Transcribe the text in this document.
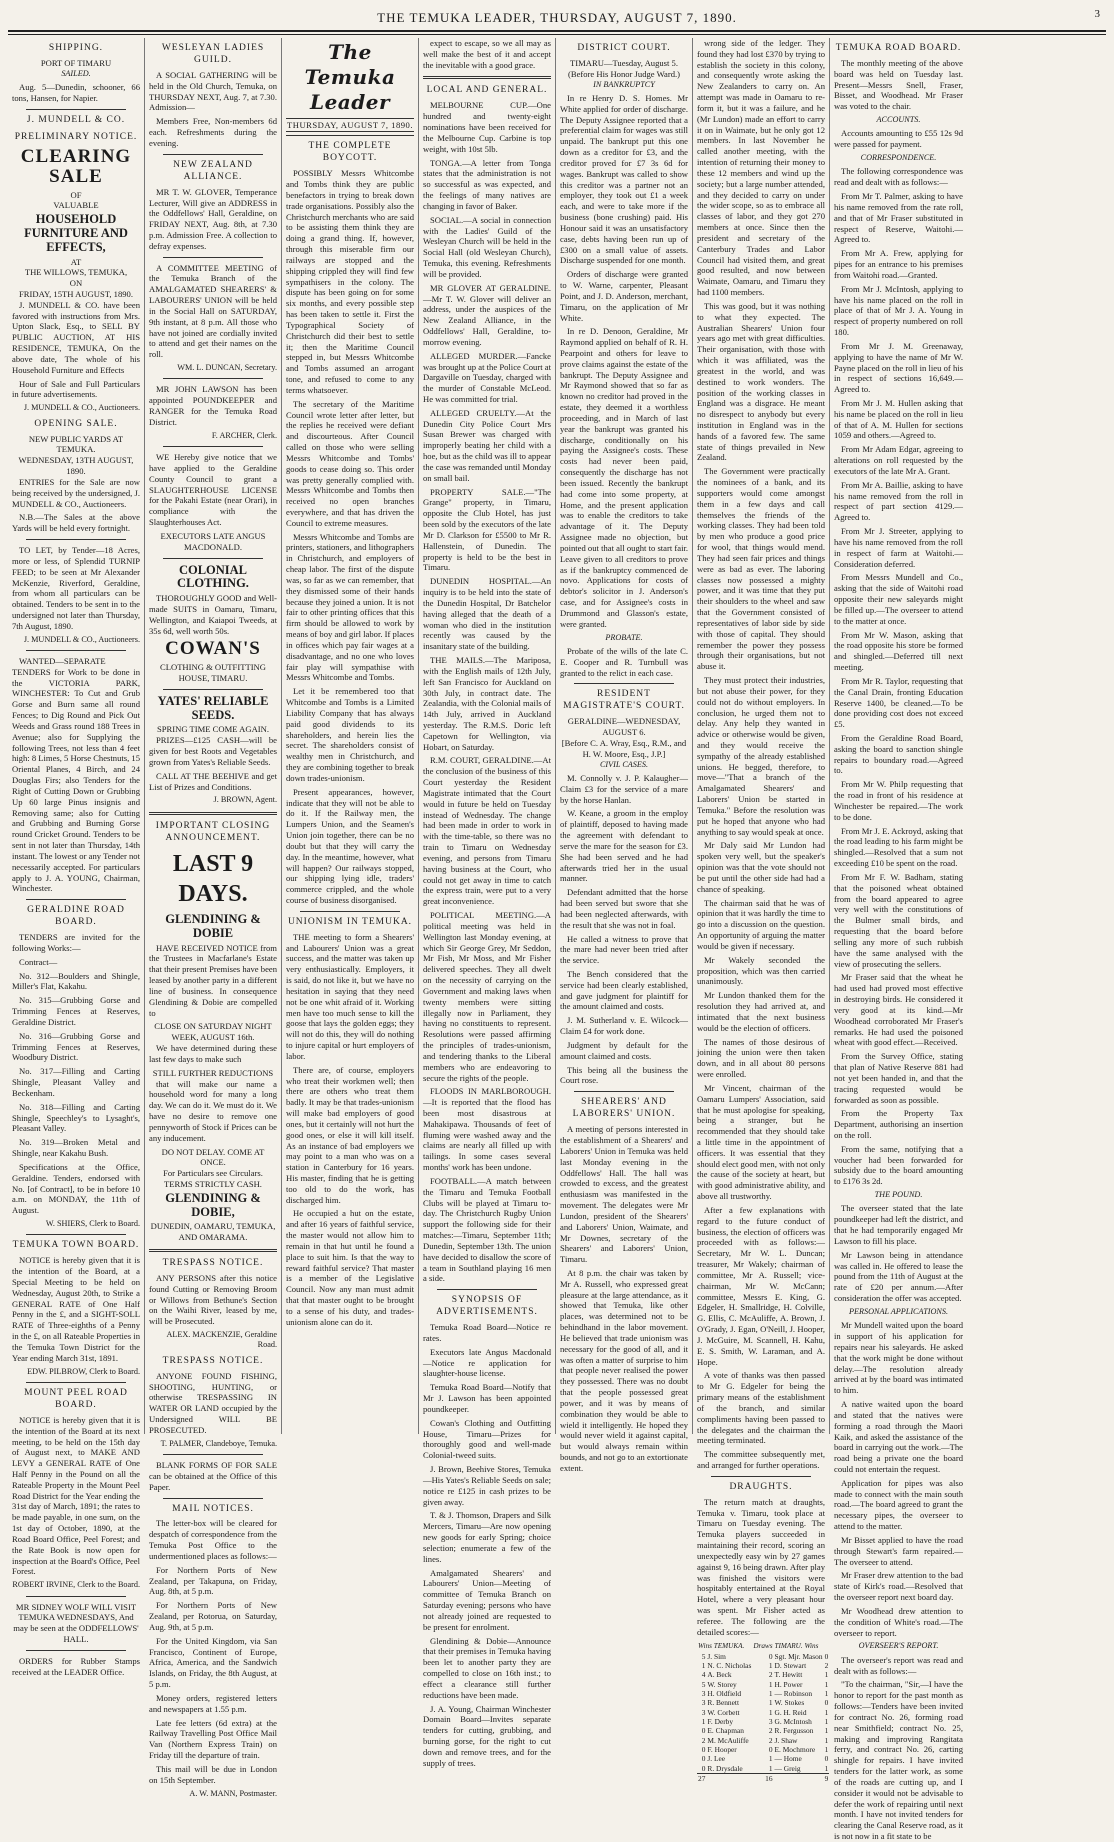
THE TEMUKA LEADER, THURSDAY, AUGUST 7, 1890.	3
SHIPPING.
PORT OF TIMARU
SAILED.

Aug. 5—Dunedin, schooner, 66 tons, Hansen, for Napier.

J. MUNDELL & CO.
PRELIMINARY NOTICE.
CLEARING SALE
OF
VALUABLE
HOUSEHOLD FURNITURE AND EFFECTS,
AT
THE WILLOWS, TEMUKA,
ON
FRIDAY, 15TH AUGUST, 1890.

J. MUNDELL & CO. have been favored with instructions from Mrs. Upton Slack, Esq., to SELL BY PUBLIC AUCTION, AT HIS RESIDENCE, TEMUKA, On the above date, The whole of his Household Furniture and Effects

Hour of Sale and Full Particulars in future advertisements.

J. MUNDELL & CO., Auctioneers.
OPENING SALE.
NEW PUBLIC YARDS AT TEMUKA.
WEDNESDAY, 13TH AUGUST, 1890.

ENTRIES for the Sale are now being received by the undersigned, J. MUNDELL & CO., Auctioneers.

N.B.—The Sales at the above Yards will be held every fortnight.

TO LET, by Tender—18 Acres, more or less, of Splendid TURNIP FEED; to be seen at Mr Alexander McKenzie, Riverford, Geraldine, from whom all particulars can be obtained. Tenders to be sent in to the undersigned not later than Thursday, 7th August, 1890.

J. MUNDELL & CO., Auctioneers.

WANTED—SEPARATE TENDERS for Work to be done in the VICTORIA PARK, WINCHESTER: To Cut and Grub Gorse and Burn same all round Fences; to Dig Round and Pick Out Weeds and Grass round 188 Trees in Avenue; also for Supplying the following Trees, not less than 4 feet high: 8 Limes, 5 Horse Chestnuts, 15 Oriental Planes, 4 Birch, and 24 Douglas Firs; also Tenders for the Right of Cutting Down or Grubbing Up 60 large Pinus insignis and Removing same; also for Cutting and Grubbing and Burning Gorse round Cricket Ground. Tenders to be sent in not later than Thursday, 14th instant. The lowest or any Tender not necessarily accepted. For particulars apply to J. A. YOUNG, Chairman, Winchester.

GERALDINE ROAD BOARD.

TENDERS are invited for the following Works:—

Contract—

No. 312—Boulders and Shingle, Miller's Flat, Kakahu.

No. 315—Grubbing Gorse and Trimming Fences at Reserves, Geraldine District.

No. 316—Grubbing Gorse and Trimming Fences at Reserves, Woodbury District.

No. 317—Filling and Carting Shingle, Pleasant Valley and Beckenham.

No. 318—Filling and Carting Shingle, Speechley's to Lysaght's, Pleasant Valley.

No. 319—Broken Metal and Shingle, near Kakahu Bush.

Specifications at the Office, Geraldine. Tenders, endorsed with No. [of Contract], to be in before 10 a.m. on MONDAY, the 11th of August.

W. SHIERS, Clerk to Board.
TEMUKA TOWN BOARD.

NOTICE is hereby given that it is the intention of the Board, at a Special Meeting to be held on Wednesday, August 20th, to Strike a GENERAL RATE of One Half Penny in the £, and a SIGHT-SOLL RATE of Three-eighths of a Penny in the £, on all Rateable Properties in the Temuka Town District for the Year ending March 31st, 1891.

EDW. PILBROW, Clerk to Board.
MOUNT PEEL ROAD BOARD.

NOTICE is hereby given that it is the intention of the Board at its next meeting, to be held on the 15th day of August next, to MAKE AND LEVY a GENERAL RATE of One Half Penny in the Pound on all the Rateable Property in the Mount Peel Road District for the Year ending the 31st day of March, 1891; the rates to be made payable, in one sum, on the 1st day of October, 1890, at the Road Board Office, Peel Forest; and the Rate Book is now open for inspection at the Board's Office, Peel Forest.

ROBERT IRVINE, Clerk to the Board.

MR SIDNEY WOLF WILL VISIT TEMUKA WEDNESDAYS, And may be seen at the ODDFELLOWS' HALL.

ORDERS for Rubber Stamps received at the LEADER Office.

WESLEYAN LADIES GUILD.

A SOCIAL GATHERING will be held in the Old Church, Temuka, on THURSDAY NEXT, Aug. 7, at 7.30. Admission—

Members Free, Non-members 6d each. Refreshments during the evening.

NEW ZEALAND ALLIANCE.

MR T. W. GLOVER, Temperance Lecturer, Will give an ADDRESS in the Oddfellows' Hall, Geraldine, on FRIDAY NEXT, Aug. 8th, at 7.30 p.m. Admission Free. A collection to defray expenses.

A COMMITTEE MEETING of the Temuka Branch of the AMALGAMATED SHEARERS' & LABOURERS' UNION will be held in the Social Hall on SATURDAY, 9th instant, at 8 p.m. All those who have not joined are cordially invited to attend and get their names on the roll.

WM. L. DUNCAN, Secretary.

MR JOHN LAWSON has been appointed POUNDKEEPER and RANGER for the Temuka Road District.

F. ARCHER, Clerk.

WE Hereby give notice that we have applied to the Geraldine County Council to grant a SLAUGHTERHOUSE LICENSE for the Pakahi Estate (near Orari), in compliance with the Slaughterhouses Act.

EXECUTORS LATE ANGUS MACDONALD.
COLONIAL CLOTHING.

THOROUGHLY GOOD and Well-made SUITS in Oamaru, Timaru, Wellington, and Kaiapoi Tweeds, at 35s 6d, well worth 50s.

COWAN'S
CLOTHING & OUTFITTING HOUSE, TIMARU.
YATES' RELIABLE SEEDS.
SPRING TIME COME AGAIN.

PRIZES—£125 CASH—will be given for best Roots and Vegetables grown from Yates's Reliable Seeds.

CALL AT THE BEEHIVE and get List of Prizes and Conditions.

J. BROWN, Agent.
IMPORTANT CLOSING ANNOUNCEMENT.
LAST 9 DAYS.
GLENDINING & DOBIE

HAVE RECEIVED NOTICE from the Trustees in Macfarlane's Estate that their present Premises have been leased by another party in a different line of business. In consequence Glendining & Dobie are compelled to

CLOSE ON SATURDAY NIGHT WEEK, AUGUST 16th.

We have determined during these last few days to make such

STILL FURTHER REDUCTIONS

that will make our name a household word for many a long day. We can do it. We must do it. We have no desire to remove one pennyworth of Stock if Prices can be any inducement.

DO NOT DELAY. COME AT ONCE.
For Particulars see Circulars.
TERMS STRICTLY CASH.
GLENDINING & DOBIE,
DUNEDIN, OAMARU, TEMUKA, AND OMARAMA.
TRESPASS NOTICE.

ANY PERSONS after this notice found Cutting or Removing Broom or Willows from Bethune's Section on the Waihi River, leased by me, will be Prosecuted.

ALEX. MACKENZIE, Geraldine Road.
TRESPASS NOTICE.

ANYONE FOUND FISHING, SHOOTING, HUNTING, or otherwise TRESPASSING IN WATER OR LAND occupied by the Undersigned WILL BE PROSECUTED.

T. PALMER, Clandeboye, Temuka.

BLANK FORMS OF FOR SALE can be obtained at the Office of this Paper.

MAIL NOTICES.

The letter-box will be cleared for despatch of correspondence from the Temuka Post Office to the undermentioned places as follows:—

For Northern Ports of New Zealand, per Takapuna, on Friday, Aug. 8th, at 5 p.m.

For Northern Ports of New Zealand, per Rotorua, on Saturday, Aug. 9th, at 5 p.m.

For the United Kingdom, via San Francisco, Continent of Europe, Africa, America, and the Sandwich Islands, on Friday, the 8th August, at 5 p.m.

Money orders, registered letters and newspapers at 1.55 p.m.

Late fee letters (6d extra) at the Railway Travelling Post Office Mail Van (Northern Express Train) on Friday till the departure of train.

This mail will be due in London on 15th September.

A. W. MANN, Postmaster.
The Temuka Leader
THURSDAY, AUGUST 7, 1890.
THE COMPLETE BOYCOTT.

POSSIBLY Messrs Whitcombe and Tombs think they are public benefactors in trying to break down trade organisations. Possibly also the Christchurch merchants who are said to be assisting them think they are doing a grand thing. If, however, through this miserable firm our railways are stopped and the shipping crippled they will find few sympathisers in the colony. The dispute has been going on for some six months, and every possible step has been taken to settle it. First the Typographical Society of Christchurch did their best to settle it; then the Maritime Council stepped in, but Messrs Whitcombe and Tombs assumed an arrogant tone, and refused to come to any terms whatsoever.

The secretary of the Maritime Council wrote letter after letter, but the replies he received were defiant and discourteous. After Council called on those who were selling Messrs Whitcombe and Tombs' goods to cease doing so. This order was pretty generally complied with. Messrs Whitcombe and Tombs then received no open branches everywhere, and that has driven the Council to extreme measures.

Messrs Whitcombe and Tombs are printers, stationers, and lithographers in Christchurch, and employers of cheap labor. The first of the dispute was, so far as we can remember, that they dismissed some of their hands because they joined a union. It is not fair to other printing offices that this firm should be allowed to work by means of boy and girl labor. If places in offices which pay fair wages at a disadvantage, and no one who loves fair play will sympathise with Messrs Whitcombe and Tombs.

Let it be remembered too that Whitcombe and Tombs is a Limited Liability Company that has always paid good dividends to its shareholders, and herein lies the secret. The shareholders consist of wealthy men in Christchurch, and they are combining together to break down trades-unionism.

Present appearances, however, indicate that they will not be able to do it. If the Railway men, the Lumpers Union, and the Seamen's Union join together, there can be no doubt but that they will carry the day. In the meantime, however, what will happen? Our railways stopped, our shipping lying idle, traders' commerce crippled, and the whole course of business disorganised.

UNIONISM IN TEMUKA.

THE meeting to form a Shearers' and Labourers' Union was a great success, and the matter was taken up very enthusiastically. Employers, it is said, do not like it, but we have no hesitation in saying that they need not be one whit afraid of it. Working men have too much sense to kill the goose that lays the golden eggs; they will not do this, they will do nothing to injure capital or hurt employers of labor.

There are, of course, employers who treat their workmen well; then there are others who treat them badly. It may be that trades-unionism will make bad employers of good ones, but it certainly will not hurt the good ones, or else it will kill itself. As an instance of bad employers we may point to a man who was on a station in Canterbury for 16 years. His master, finding that he is getting too old to do the work, has discharged him.

He occupied a hut on the estate, and after 16 years of faithful service, the master would not allow him to remain in that hut until he found a place to suit him. Is that the way to reward faithful service? That master is a member of the Legislative Council. Now any man must admit that that master ought to be brought to a sense of his duty, and trades-unionism alone can do it.

expect to escape, so we all may as well make the best of it and accept the inevitable with a good grace.

LOCAL AND GENERAL.

MELBOURNE CUP.—One hundred and twenty-eight nominations have been received for the Melbourne Cup. Carbine is top weight, with 10st 5lb.

TONGA.—A letter from Tonga states that the administration is not so successful as was expected, and the feelings of many natives are changing in favor of Baker.

SOCIAL.—A social in connection with the Ladies' Guild of the Wesleyan Church will be held in the Social Hall (old Wesleyan Church), Temuka, this evening. Refreshments will be provided.

MR GLOVER AT GERALDINE.—Mr T. W. Glover will deliver an address, under the auspices of the New Zealand Alliance, in the Oddfellows' Hall, Geraldine, to-morrow evening.

ALLEGED MURDER.—Fancke was brought up at the Police Court at Dargaville on Tuesday, charged with the murder of Constable McLeod. He was committed for trial.

ALLEGED CRUELTY.—At the Dunedin City Police Court Mrs Susan Brewer was charged with improperly beating her child with a hoe, but as the child was ill to appear the case was remanded until Monday on small bail.

PROPERTY SALE.—"The Grange" property, in Timaru, opposite the Club Hotel, has just been sold by the executors of the late Mr D. Clarkson for £5500 to Mr R. Hallenstein, of Dunedin. The property is held to be the best in Timaru.

DUNEDIN HOSPITAL.—An inquiry is to be held into the state of the Dunedin Hospital, Dr Batchelor having alleged that the death of a woman who died in the institution recently was caused by the insanitary state of the building.

THE MAILS.—The Mariposa, with the English mails of 12th July, left San Francisco for Auckland on 30th July, in contract date. The Zealandia, with the Colonial mails of 14th July, arrived in Auckland yesterday. The R.M.S. Doric left Capetown for Wellington, via Hobart, on Saturday.

R.M. COURT, GERALDINE.—At the conclusion of the business of this Court yesterday the Resident Magistrate intimated that the Court would in future be held on Tuesday instead of Wednesday. The change had been made in order to work in with the time-table, so there was no train to Timaru on Wednesday evening, and persons from Timaru having business at the Court, who could not get away in time to catch the express train, were put to a very great inconvenience.

POLITICAL MEETING.—A political meeting was held in Wellington last Monday evening, at which Sir George Grey, Mr Seddon, Mr Fish, Mr Moss, and Mr Fisher delivered speeches. They all dwelt on the necessity of carrying on the Government and making laws when twenty members were sitting illegally now in Parliament, they having no constituents to represent. Resolutions were passed affirming the principles of trades-unionism, and tendering thanks to the Liberal members who are endeavoring to secure the rights of the people.

FLOODS IN MARLBOROUGH.—It is reported that the flood has been most disastrous at Mahakipawa. Thousands of feet of fluming were washed away and the claims are nearly all filled up with tailings. In some cases several months' work has been undone.

FOOTBALL.—A match between the Timaru and Temuka Football Clubs will be played at Timaru to-day. The Christchurch Rugby Union support the following side for their matches:—Timaru, September 11th; Dunedin, September 13th. The union have decided to disallow the score of a team in Southland playing 16 men a side.

SYNOPSIS OF ADVERTISEMENTS.

Temuka Road Board—Notice re rates.

Executors late Angus Macdonald—Notice re application for slaughter-house license.

Temuka Road Board—Notify that Mr J. Lawson has been appointed poundkeeper.

Cowan's Clothing and Outfitting House, Timaru—Prizes for thoroughly good and well-made Colonial-tweed suits.

J. Brown, Beehive Stores, Temuka—His Yates's Reliable Seeds on sale; notice re £125 in cash prizes to be given away.

T. & J. Thomson, Drapers and Silk Mercers, Timaru—Are now opening new goods for early Spring; choice selection; enumerate a few of the lines.

Amalgamated Shearers' and Labourers' Union—Meeting of committee of Temuka Branch on Saturday evening; persons who have not already joined are requested to be present for enrolment.

Glendining & Dobie—Announce that their premises in Temuka having been let to another party they are compelled to close on 16th inst.; to effect a clearance still further reductions have been made.

J. A. Young, Chairman Winchester Domain Board—Invites separate tenders for cutting, grubbing, and burning gorse, for the right to cut down and remove trees, and for the supply of trees.

DISTRICT COURT.
TIMARU—Tuesday, August 5.
(Before His Honor Judge Ward.)
IN BANKRUPTCY

In re Henry D. S. Homes. Mr White applied for order of discharge. The Deputy Assignee reported that a preferential claim for wages was still unpaid. The bankrupt put this one down as a creditor for £3, and the creditor proved for £7 3s 6d for wages. Bankrupt was called to show this creditor was a partner not an employer, they took out £1 a week each, and were to take more if the business (bone crushing) paid. His Honour said it was an unsatisfactory case, debts having been run up of £300 on a small value of assets. Discharge suspended for one month.

Orders of discharge were granted to W. Warne, carpenter, Pleasant Point, and J. D. Anderson, merchant, Timaru, on the application of Mr White.

In re D. Denoon, Geraldine, Mr Raymond applied on behalf of R. H. Pearpoint and others for leave to prove claims against the estate of the bankrupt. The Deputy Assignee and Mr Raymond showed that so far as known no creditor had proved in the estate, they deemed it a worthless proceeding, and in March of last year the bankrupt was granted his discharge, conditionally on his paying the Assignee's costs. These costs had never been paid, consequently the discharge has not been issued. Recently the bankrupt had come into some property, at Home, and the present application was to enable the creditors to take advantage of it. The Deputy Assignee made no objection, but pointed out that all ought to start fair. Leave given to all creditors to prove as if the bankruptcy commenced de novo. Applications for costs of debtor's solicitor in J. Anderson's case, and for Assignee's costs in Drummond and Glasson's estate, were granted.

PROBATE.

Probate of the wills of the late C. E. Cooper and R. Turnbull was granted to the relict in each case.

RESIDENT MAGISTRATE'S COURT.
GERALDINE—WEDNESDAY, AUGUST 6.
[Before C. A. Wray, Esq., R.M., and H. W. Moore, Esq., J.P.]
CIVIL CASES.

M. Connolly v. J. P. Kalaugher—Claim £3 for the service of a mare by the horse Hanlan.

W. Keane, a groom in the employ of plaintiff, deposed to having made the agreement with defendant to serve the mare for the season for £3. She had been served and he had afterwards tried her in the usual manner.

Defendant admitted that the horse had been served but swore that she had been neglected afterwards, with the result that she was not in foal.

He called a witness to prove that the mare had never been tried after the service.

The Bench considered that the service had been clearly established, and gave judgment for plaintiff for the amount claimed and costs.

J. M. Sutherland v. E. Wilcock—Claim £4 for work done.

Judgment by default for the amount claimed and costs.

This being all the business the Court rose.

SHEARERS' AND LABORERS' UNION.

A meeting of persons interested in the establishment of a Shearers' and Laborers' Union in Temuka was held last Monday evening in the Oddfellows' Hall. The hall was crowded to excess, and the greatest enthusiasm was manifested in the movement. The delegates were Mr Lundon, president of the Shearers' and Laborers' Union, Waimate, and Mr Downes, secretary of the Shearers' and Laborers' Union, Timaru.

At 8 p.m. the chair was taken by Mr A. Russell, who expressed great pleasure at the large attendance, as it showed that Temuka, like other places, was determined not to be behindhand in the labor movement. He believed that trade unionism was necessary for the good of all, and it was often a matter of surprise to him that people never realised the power they possessed. There was no doubt that the people possessed great power, and it was by means of combination they would be able to wield it intelligently. He hoped they would never wield it against capital, but would always remain within bounds, and not go to an extortionate extent.

wrong side of the ledger. They found they had lost £370 by trying to establish the society in this colony, and consequently wrote asking the New Zealanders to carry on. An attempt was made in Oamaru to re-form it, but it was a failure, and he (Mr Lundon) made an effort to carry it on in Waimate, but he only got 12 members. In last November he called another meeting, with the intention of returning their money to these 12 members and wind up the society; but a large number attended, and they decided to carry on under the wider scope, so as to embrace all classes of labor, and they got 270 members at once. Since then the president and secretary of the Canterbury Trades and Labor Council had visited them, and great good resulted, and now between Waimate, Oamaru, and Timaru they had 1100 members.

This was good, but it was nothing to what they expected. The Australian Shearers' Union four years ago met with great difficulties. Their organisation, with those with which it was affiliated, was the greatest in the world, and was destined to work wonders. The position of the working classes in England was a disgrace. He meant no disrespect to anybody but every institution in England was in the hands of a favored few. The same state of things prevailed in New Zealand.

The Government were practically the nominees of a bank, and its supporters would come amongst them in a few days and call themselves the friends of the working classes. They had been told by men who produce a good price for wool, that things would mend. They had seen fair prices and things were as bad as ever. The laboring classes now possessed a mighty power, and it was time that they put their shoulders to the wheel and saw that the Government consisted of representatives of labor side by side with those of capital. They should remember the power they possess through their organisations, but not abuse it.

They must protect their industries, but not abuse their power, for they could not do without employers. In conclusion, he urged them not to delay. Any help they wanted in advice or otherwise would be given, and they would receive the sympathy of the already established unions. He begged, therefore, to move—"That a branch of the Amalgamated Shearers' and Laborers' Union be started in Temuka." Before the resolution was put he hoped that anyone who had anything to say would speak at once.

Mr Daly said Mr Lundon had spoken very well, but the speaker's opinion was that the vote should not be put until the other side had had a chance of speaking.

The chairman said that he was of opinion that it was hardly the time to go into a discussion on the question. An opportunity of arguing the matter would be given if necessary.

Mr Wakely seconded the proposition, which was then carried unanimously.

Mr Lundon thanked them for the resolution they had arrived at, and intimated that the next business would be the election of officers.

The names of those desirous of joining the union were then taken down, and in all about 80 persons were enrolled.

Mr Vincent, chairman of the Oamaru Lumpers' Association, said that he must apologise for speaking, being a stranger, but he recommended that they should take a little time in the appointment of officers. It was essential that they should elect good men, with not only the cause of the society at heart, but with good administrative ability, and above all trustworthy.

After a few explanations with regard to the future conduct of business, the election of officers was proceeded with as follows:—Secretary, Mr W. L. Duncan; treasurer, Mr Wakely; chairman of committee, Mr A. Russell; vice-chairman, Mr W. McCann; committee, Messrs E. King, G. Edgeler, H. Smallridge, H. Colville, G. Ellis, C. McAuliffe, A. Brown, J. O'Grady, J. Egan, O'Neill, J. Hooper, J. McGuire, M. Scannell, H. Kahu, E. S. Smith, W. Laraman, and A. Hope.

A vote of thanks was then passed to Mr G. Edgeler for being the primary means of the establishment of the branch, and similar compliments having been passed to the delegates and the chairman the meeting terminated.

The committee subsequently met, and arranged for further operations.

DRAUGHTS.

The return match at draughts, Temuka v. Timaru, took place at Timaru on Tuesday evening. The Temuka players succeeded in maintaining their record, scoring an unexpectedly easy win by 27 games against 9, 16 being drawn. After play was finished the visitors were hospitably entertained at the Royal Hotel, where a very pleasant hour was spent. Mr Fisher acted as referee. The following are the detailed scores:—

Wins TEMUKA.		Draws	TIMARU. Wins	
5	J. Sim	0	Sgt. Mjr. Mason	0
1	N. C. Nicholas	1	D. Stewart	2
4	A. Beck	2	T. Hewitt	1
5	W. Storey	1	H. Power	1
3	H. Oldfield	1	— Robinson	1
3	R. Bennett	1	W. Stokes	0
3	W. Corbett	1	G. H. Reid	1
1	F. Derby	3	G. McIntosh	1
0	E. Chapman	2	R. Fergusson	1
2	M. McAuliffe	2	J. Shaw	1
0	F. Hooper	0	E. Mochmore	1
0	J. Lee	1	— Home	0
0	R. Drysdale	1	— Greig	1
27		16		9
TEMUKA ROAD BOARD.

The monthly meeting of the above board was held on Tuesday last. Present—Messrs Snell, Fraser, Bisset, and Woodhead. Mr Fraser was voted to the chair.

ACCOUNTS.

Accounts amounting to £55 12s 9d were passed for payment.

CORRESPONDENCE.

The following correspondence was read and dealt with as follows:—

From Mr T. Palmer, asking to have his name removed from the rate roll, and that of Mr Fraser substituted in respect of Reserve, Waitohi.—Agreed to.

From Mr A. Frew, applying for pipes for an entrance to his premises from Waitohi road.—Granted.

From Mr J. McIntosh, applying to have his name placed on the roll in place of that of Mr J. A. Young in respect of property numbered on roll 180.

From Mr J. M. Greenaway, applying to have the name of Mr W. Payne placed on the roll in lieu of his in respect of sections 16,649.—Agreed to.

From Mr J. M. Hullen asking that his name be placed on the roll in lieu of that of A. M. Hullen for sections 1059 and others.—Agreed to.

From Mr Adam Edgar, agreeing to alterations on roll requested by the executors of the late Mr A. Grant.

From Mr A. Baillie, asking to have his name removed from the roll in respect of part section 4129.—Agreed to.

From Mr J. Streeter, applying to have his name removed from the roll in respect of farm at Waitohi.—Consideration deferred.

From Messrs Mundell and Co., asking that the side of Waitohi road opposite their new saleyards might be filled up.—The overseer to attend to the matter at once.

From Mr W. Mason, asking that the road opposite his store be formed and shingled.—Deferred till next meeting.

From Mr R. Taylor, requesting that the Canal Drain, fronting Education Reserve 1400, be cleaned.—To be done providing cost does not exceed £5.

From the Geraldine Road Board, asking the board to sanction shingle repairs to boundary road.—Agreed to.

From Mr W. Philp requesting that the road in front of his residence at Winchester be repaired.—The work to be done.

From Mr J. E. Ackroyd, asking that the road leading to his farm might be shingled.—Resolved that a sum not exceeding £10 be spent on the road.

From Mr F. W. Badham, stating that the poisoned wheat obtained from the board appeared to agree very well with the constitutions of the Bulmer small birds, and requesting that the board before selling any more of such rubbish have the same analysed with the view of prosecuting the sellers.

Mr Fraser said that the wheat he had used had proved most effective in destroying birds. He considered it very good at its kind.—Mr Woodhead corroborated Mr Fraser's remarks. He had used the poisoned wheat with good effect.—Received.

From the Survey Office, stating that plan of Native Reserve 881 had not yet been handed in, and that the tracing requested would be forwarded as soon as possible.

From the Property Tax Department, authorising an insertion on the roll.

From the same, notifying that a voucher had been forwarded for subsidy due to the board amounting to £176 3s 2d.

THE POUND.

The overseer stated that the late poundkeeper had left the district, and that he had temporarily engaged Mr Lawson to fill his place.

Mr Lawson being in attendance was called in. He offered to lease the pound from the 11th of August at the rate of £20 per annum.—After consideration the offer was accepted.

PERSONAL APPLICATIONS.

Mr Mundell waited upon the board in support of his application for repairs near his saleyards. He asked that the work might be done without delay.—The resolution already arrived at by the board was intimated to him.

A native waited upon the board and stated that the natives were forming a road through the Maori Kaik, and asked the assistance of the board in carrying out the work.—The road being a private one the board could not entertain the request.

Application for pipes was also made to connect with the main south road.—The board agreed to grant the necessary pipes, the overseer to attend to the matter.

Mr Bisset applied to have the road through Stewart's farm repaired.—The overseer to attend.

Mr Fraser drew attention to the bad state of Kirk's road.—Resolved that the overseer report next board day.

Mr Woodhead drew attention to the condition of White's road.—The overseer to report.

OVERSEER'S REPORT.

The overseer's report was read and dealt with as follows:—

"To the chairman, "Sir,—I have the honor to report for the past month as follows:—Tenders have been invited for contract No. 26, forming road near Smithfield; contract No. 25, making and improving Rangitata ferry, and contract No. 26, carting shingle for repairs. I have invited tenders for the latter work, as some of the roads are cutting up, and I consider it would not be advisable to defer the work of repairing until next month. I have not invited tenders for clearing the Canal Reserve road, as it is not now in a fit state to be
